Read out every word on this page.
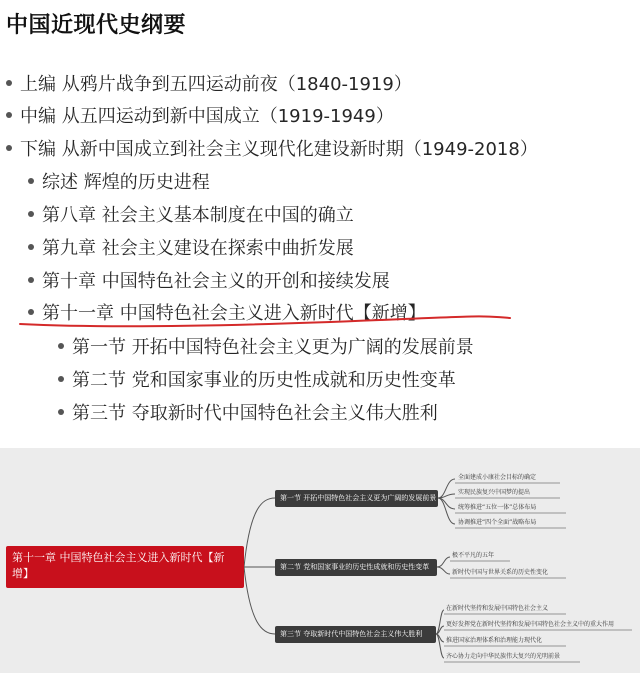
中国近现代史纲要
上编 从鸦片战争到五四运动前夜（1840-1919）
中编 从五四运动到新中国成立（1919-1949）
下编 从新中国成立到社会主义现代化建设新时期（1949-2018）
综述 辉煌的历史进程
第八章 社会主义基本制度在中国的确立
第九章 社会主义建设在探索中曲折发展
第十章 中国特色社会主义的开创和接续发展
第十一章 中国特色社会主义进入新时代【新增】
第一节 开拓中国特色社会主义更为广阔的发展前景
第二节 党和国家事业的历史性成就和历史性变革
第三节 夺取新时代中国特色社会主义伟大胜利
第十一章 中国特色社会主义进入新时代【新增】
第一节 开拓中国特色社会主义更为广阔的发展前景
第二节 党和国家事业的历史性成就和历史性变革
第三节 夺取新时代中国特色社会主义伟大胜利
全面建成小康社会目标的确定
实现民族复兴中国梦的提出
统筹推进“五位一体”总体布局
协调推进“四个全面”战略布局
极不平凡的五年
新时代中国与世界关系的历史性变化
在新时代坚持和发展中国特色社会主义
更好发挥党在新时代坚持和发展中国特色社会主义中的重大作用
推进国家治理体系和治理能力现代化
齐心协力走向中华民族伟大复兴的光明前景
